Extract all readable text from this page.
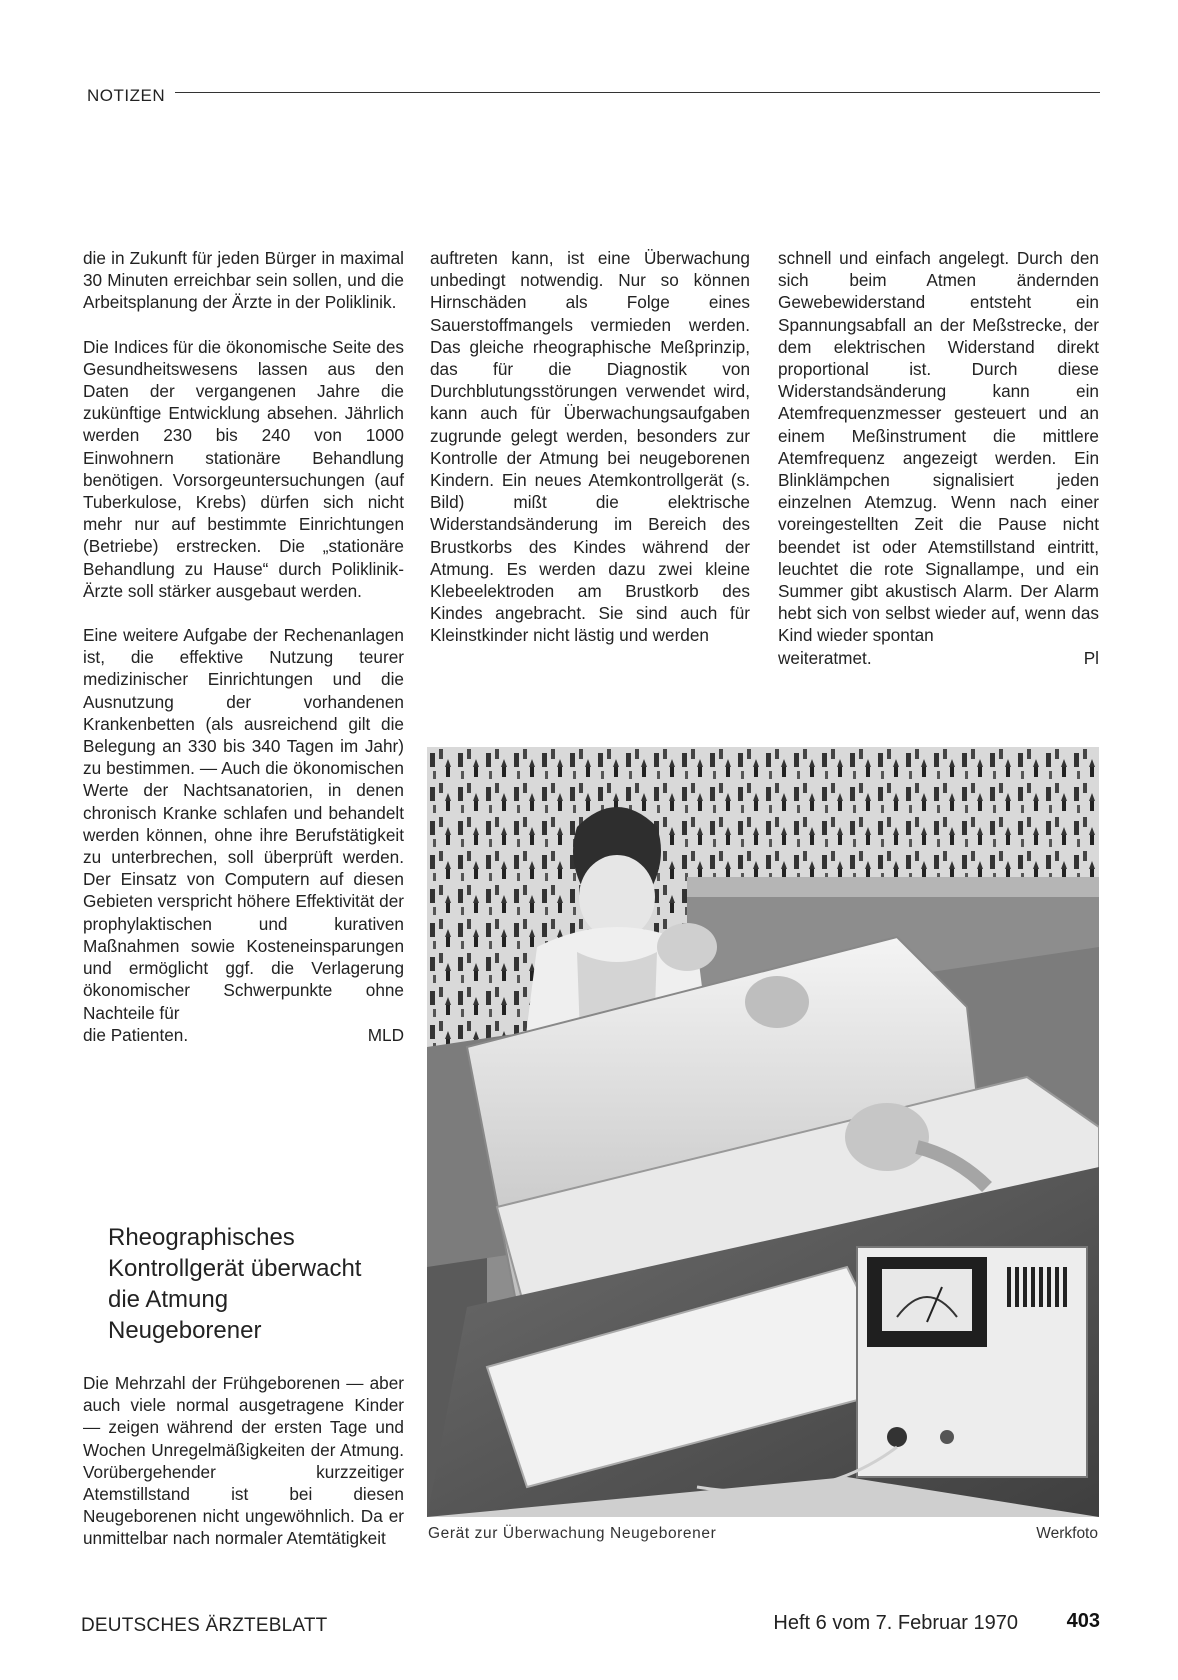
NOTIZEN

die in Zukunft für jeden Bürger in maximal 30 Minuten erreichbar sein sollen, und die Arbeitsplanung der Ärzte in der Poliklinik.

Die Indices für die ökonomische Seite des Gesundheitswesens lassen aus den Daten der vergangenen Jahre die zukünftige Entwicklung absehen. Jährlich werden 230 bis 240 von 1000 Einwohnern stationäre Behandlung benötigen. Vorsorgeuntersuchungen (auf Tuberkulose, Krebs) dürfen sich nicht mehr nur auf bestimmte Einrichtungen (Betriebe) erstrecken. Die „stationäre Behandlung zu Hause“ durch Poliklinik-Ärzte soll stärker ausgebaut werden.

Eine weitere Aufgabe der Rechenanlagen ist, die effektive Nutzung teurer medizinischer Einrichtungen und die Ausnutzung der vorhandenen Krankenbetten (als ausreichend gilt die Belegung an 330 bis 340 Tagen im Jahr) zu bestimmen. — Auch die ökonomischen Werte der Nachtsanatorien, in denen chronisch Kranke schlafen und behandelt werden können, ohne ihre Berufstätigkeit zu unterbrechen, soll überprüft werden. Der Einsatz von Computern auf diesen Gebieten verspricht höhere Effektivität der prophylaktischen und kurativen Maßnahmen sowie Kosteneinsparungen und ermöglicht ggf. die Verlagerung ökonomischer Schwerpunkte ohne Nachteile für

die Patienten.	MLD
Rheographisches
Kontrollgerät überwacht
die Atmung
Neugeborener

Die Mehrzahl der Frühgeborenen — aber auch viele normal ausgetragene Kinder — zeigen während der ersten Tage und Wochen Unregelmäßigkeiten der Atmung. Vorübergehender kurzzeitiger Atemstillstand ist bei diesen Neugeborenen nicht ungewöhnlich. Da er unmittelbar nach normaler Atemtätigkeit

auftreten kann, ist eine Überwachung unbedingt notwendig. Nur so können Hirnschäden als Folge eines Sauerstoffmangels vermieden werden. Das gleiche rheographische Meßprinzip, das für die Diagnostik von Durchblutungsstörungen verwendet wird, kann auch für Überwachungsaufgaben zugrunde gelegt werden, besonders zur Kontrolle der Atmung bei neugeborenen Kindern. Ein neues Atemkontrollgerät (s. Bild) mißt die elektrische Widerstandsänderung im Bereich des Brustkorbs des Kindes während der Atmung. Es werden dazu zwei kleine Klebeelektroden am Brustkorb des Kindes angebracht. Sie sind auch für Kleinstkinder nicht lästig und werden

schnell und einfach angelegt. Durch den sich beim Atmen ändernden Gewebewiderstand entsteht ein Spannungsabfall an der Meßstrecke, der dem elektrischen Widerstand direkt proportional ist. Durch diese Widerstandsänderung kann ein Atemfrequenzmesser gesteuert und an einem Meßinstrument die mittlere Atemfrequenz angezeigt werden. Ein Blinklämpchen signalisiert jeden einzelnen Atemzug. Wenn nach einer voreingestellten Zeit die Pause nicht beendet ist oder Atemstillstand eintritt, leuchtet die rote Signallampe, und ein Summer gibt akustisch Alarm. Der Alarm hebt sich von selbst wieder auf, wenn das Kind wieder spontan

weiteratmet.	Pl
Gerät zur Überwachung Neugeborener	Werkfoto
DEUTSCHES ÄRZTEBLATT	Heft 6 vom 7. Februar 1970 403
